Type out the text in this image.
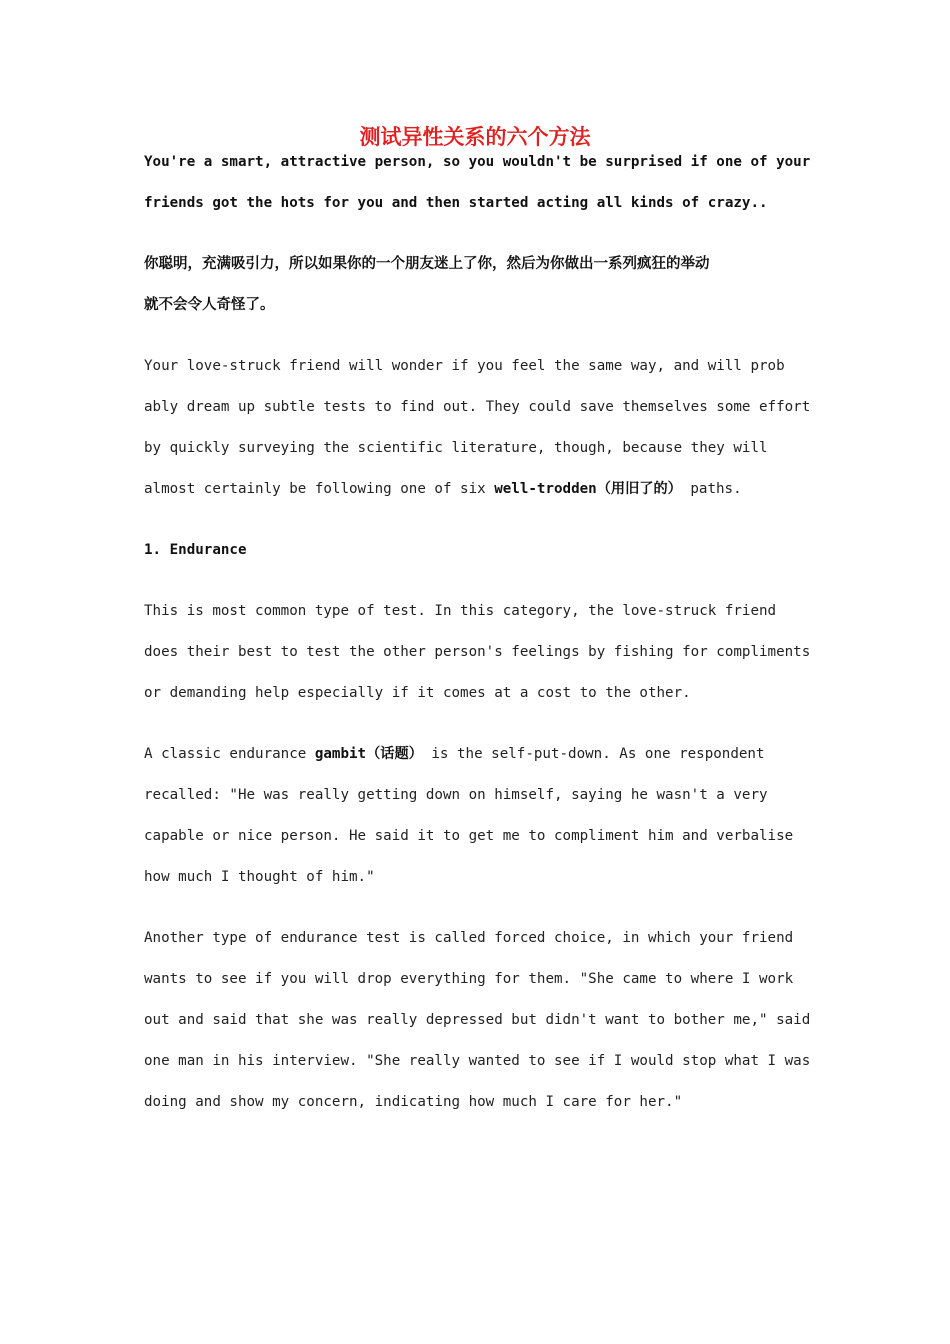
测试异性关系的六个方法
You're a smart, attractive person, so you wouldn't be surprised if one of your
friends got the hots for you and then started acting all kinds of crazy..
你聪明，充满吸引力，所以如果你的一个朋友迷上了你，然后为你做出一系列疯狂的举动
就不会令人奇怪了。
Your love-struck friend will wonder if you feel the same way, and will prob
ably dream up subtle tests to find out. They could save themselves some effort
by quickly surveying the scientific literature, though, because they will
almost certainly be following one of six well-trodden（用旧了的） paths.
1. Endurance
This is most common type of test. In this category, the love-struck friend
does their best to test the other person's feelings by fishing for compliments
or demanding help especially if it comes at a cost to the other.
A classic endurance gambit（话题） is the self-put-down. As one respondent
recalled: "He was really getting down on himself, saying he wasn't a very
capable or nice person. He said it to get me to compliment him and verbalise
how much I thought of him."
Another type of endurance test is called forced choice, in which your friend
wants to see if you will drop everything for them. "She came to where I work
out and said that she was really depressed but didn't want to bother me," said
one man in his interview. "She really wanted to see if I would stop what I was
doing and show my concern, indicating how much I care for her."
